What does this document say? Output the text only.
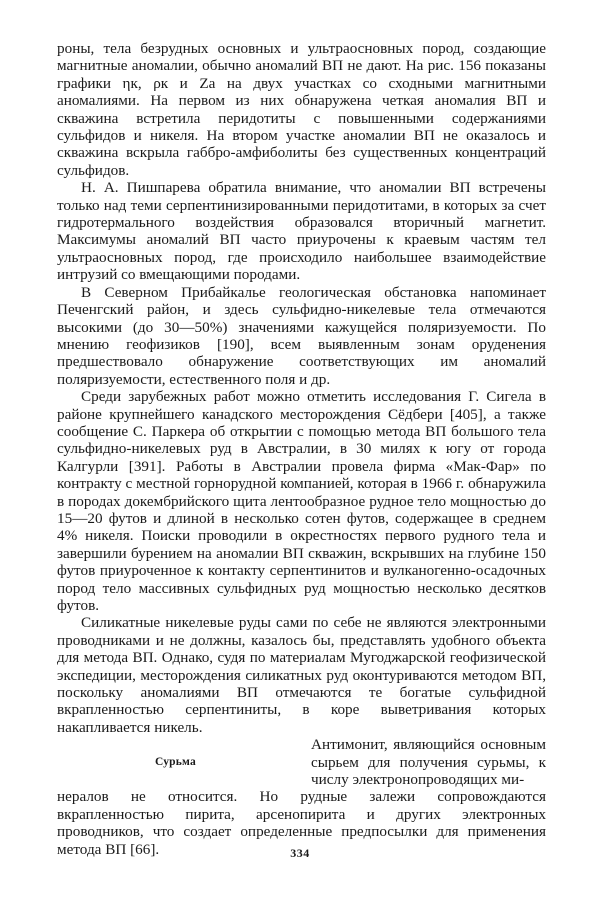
роны, тела безрудных основных и ультраосновных пород, создающие магнитные аномалии, обычно аномалий ВП не дают. На рис. 156 показаны графики ηк, ρк и Za на двух участках со сходными магнитными аномалиями. На первом из них обнаружена четкая аномалия ВП и скважина встретила перидотиты с повышенными содержаниями сульфидов и никеля. На втором участке аномалии ВП не оказалось и скважина вскрыла габбро-амфиболиты без существенных концентраций сульфидов.

Н. А. Пишпарева обратила внимание, что аномалии ВП встречены только над теми серпентинизированными перидотитами, в которых за счет гидротермального воздействия образовался вторичный магнетит. Максимумы аномалий ВП часто приурочены к краевым частям тел ультраосновных пород, где происходило наибольшее взаимодействие интрузий со вмещающими породами.

В Северном Прибайкалье геологическая обстановка напоминает Печенгский район, и здесь сульфидно-никелевые тела отмечаются высокими (до 30—50%) значениями кажущейся поляризуемости. По мнению геофизиков [190], всем выявленным зонам оруденения предшествовало обнаружение соответствующих им аномалий поляризуемости, естественного поля и др.

Среди зарубежных работ можно отметить исследования Г. Сигела в районе крупнейшего канадского месторождения Сёдбери [405], а также сообщение С. Паркера об открытии с помощью метода ВП большого тела сульфидно-никелевых руд в Австралии, в 30 милях к югу от города Калгурли [391]. Работы в Австралии провела фирма «Мак-Фар» по контракту с местной горнорудной компанией, которая в 1966 г. обнаружила в породах докембрийского щита лентообразное рудное тело мощностью до 15—20 футов и длиной в несколько сотен футов, содержащее в среднем 4% никеля. Поиски проводили в окрестностях первого рудного тела и завершили бурением на аномалии ВП скважин, вскрывших на глубине 150 футов приуроченное к контакту серпентинитов и вулканогенно-осадочных пород тело массивных сульфидных руд мощностью несколько десятков футов.

Силикатные никелевые руды сами по себе не являются электронными проводниками и не должны, казалось бы, представлять удобного объекта для метода ВП. Однако, судя по материалам Мугоджарской геофизической экспедиции, месторождения силикатных руд оконтуриваются методом ВП, поскольку аномалиями ВП отмечаются те богатые сульфидной вкрапленностью серпентиниты, в коре выветривания которых накапливается никель.

Сурьма

Антимонит, являющийся основным сырьем для получения сурьмы, к числу электронопроводящих ми-

нералов не относится. Но рудные залежи сопровождаются вкрапленностью пирита, арсенопирита и других электронных проводников, что создает определенные предпосылки для применения метода ВП [66].	334
